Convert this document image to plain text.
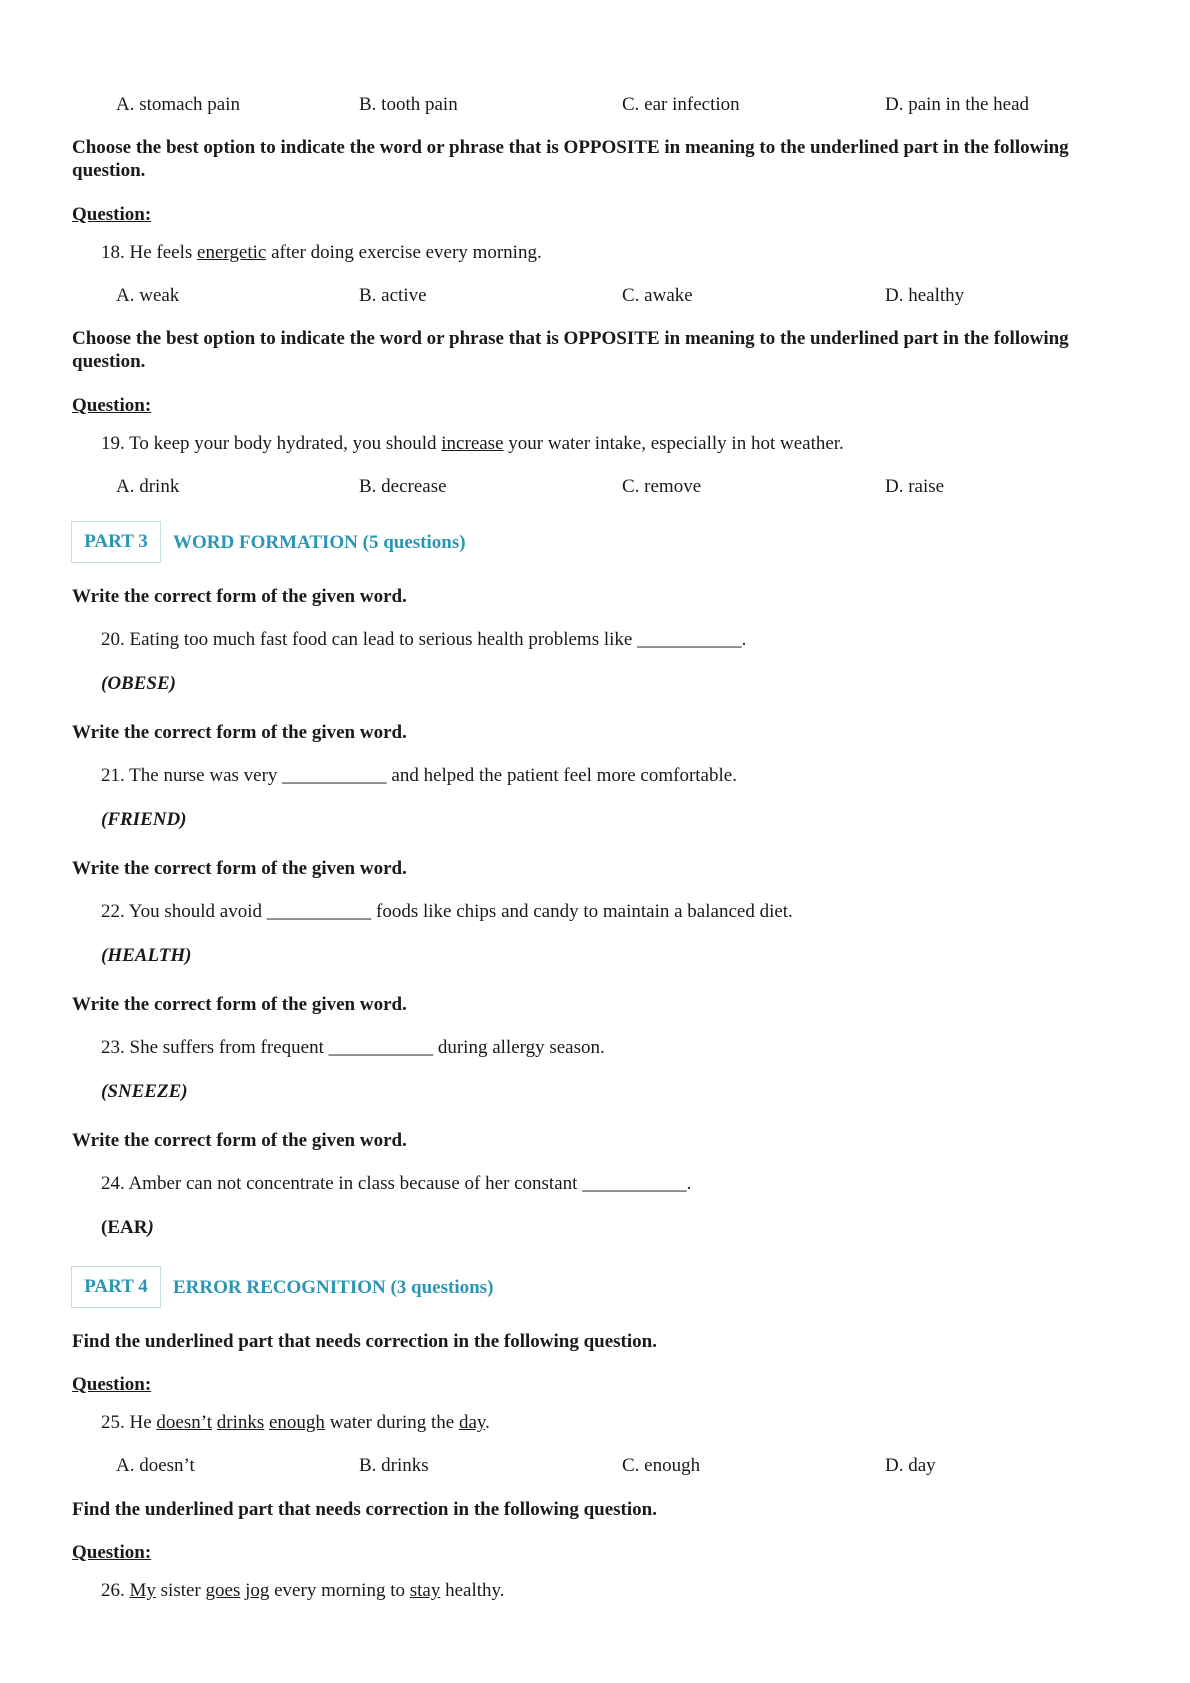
A. stomach pain	B. tooth pain	C. ear infection	D. pain in the head
Choose the best option to indicate the word or phrase that is OPPOSITE in meaning to the underlined part in the following question.
Question:
18. He feels energetic after doing exercise every morning.
A. weak	B. active	C. awake	D. healthy
Choose the best option to indicate the word or phrase that is OPPOSITE in meaning to the underlined part in the following question.
Question:
19. To keep your body hydrated, you should increase your water intake, especially in hot weather.
A. drink	B. decrease	C. remove	D. raise
PART 3	WORD FORMATION (5 questions)
Write the correct form of the given word.
20. Eating too much fast food can lead to serious health problems like ___________.
(OBESE)
Write the correct form of the given word.
21. The nurse was very ___________ and helped the patient feel more comfortable.
(FRIEND)
Write the correct form of the given word.
22. You should avoid ___________ foods like chips and candy to maintain a balanced diet.
(HEALTH)
Write the correct form of the given word.
23. She suffers from frequent ___________ during allergy season.
(SNEEZE)
Write the correct form of the given word.
24. Amber can not concentrate in class because of her constant ___________.
(EAR)
PART 4	ERROR RECOGNITION (3 questions)
Find the underlined part that needs correction in the following question.
Question:
25. He doesn’t drinks enough water during the day.
A. doesn’t	B. drinks	C. enough	D. day
Find the underlined part that needs correction in the following question.
Question:
26. My sister goes jog every morning to stay healthy.
